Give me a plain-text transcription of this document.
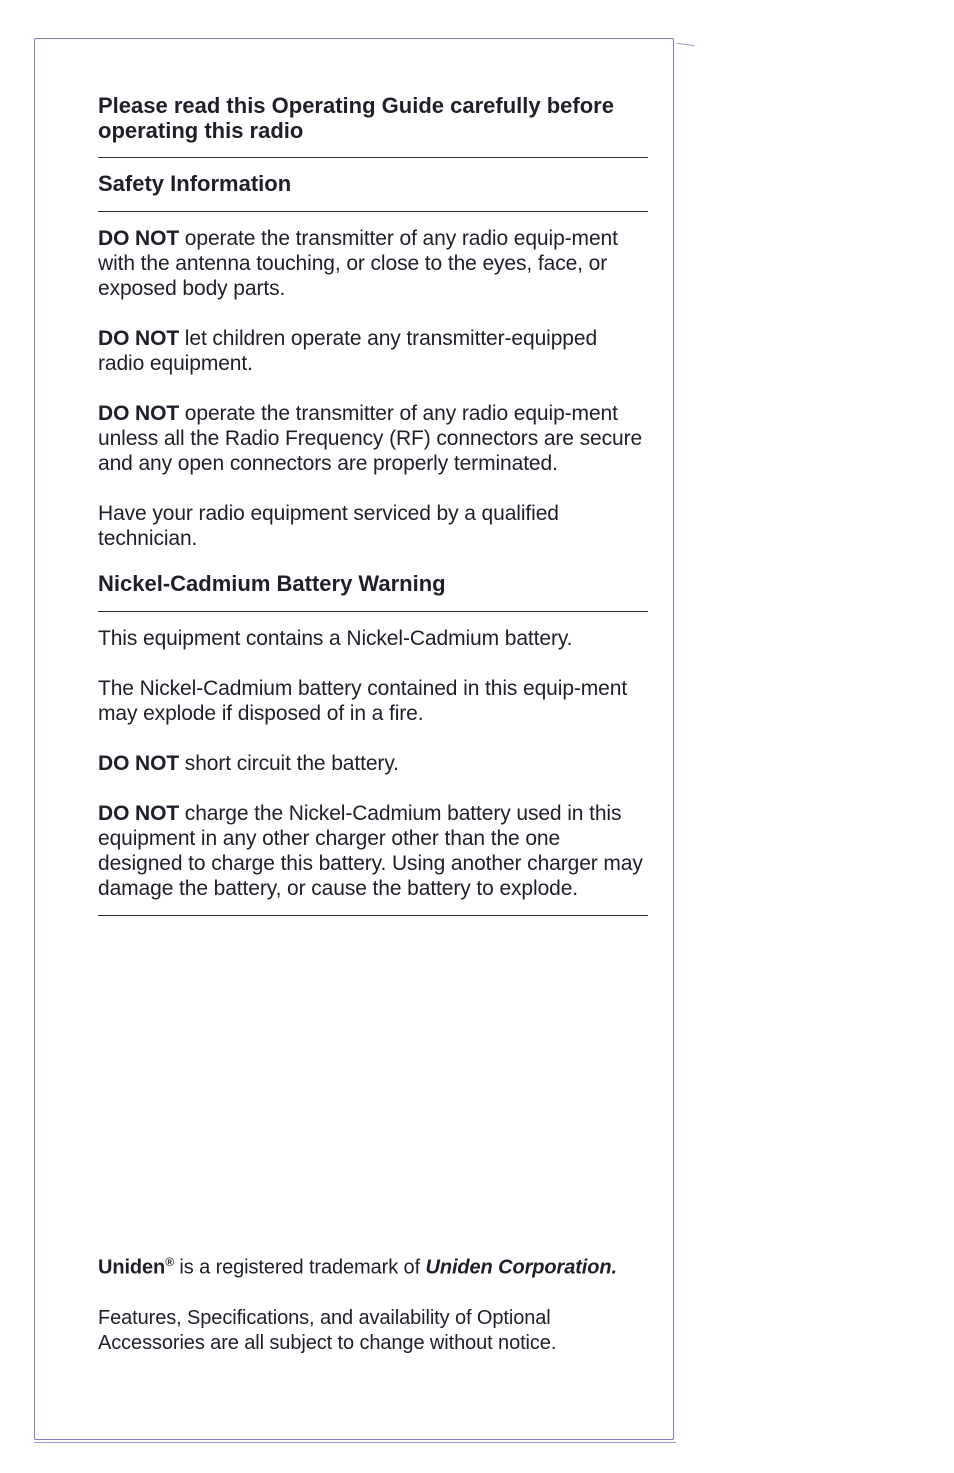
Please read this Operating Guide carefully before operating this radio

Safety Information

DO NOT operate the transmitter of any radio equip-ment with the antenna touching, or close to the eyes, face, or exposed body parts.

DO NOT let children operate any transmitter-equipped radio equipment.

DO NOT operate the transmitter of any radio equip-ment unless all the Radio Frequency (RF) connectors are secure and any open connectors are properly terminated.

Have your radio equipment serviced by a qualified technician.

Nickel-Cadmium Battery Warning

This equipment contains a Nickel-Cadmium battery.

The Nickel-Cadmium battery contained in this equip-ment may explode if disposed of in a fire.

DO NOT short circuit the battery.

DO NOT charge the Nickel-Cadmium battery used in this equipment in any other charger other than the one designed to charge this battery. Using another charger may damage the battery, or cause the battery to explode.

Uniden® is a registered trademark of Uniden Corporation.

Features, Specifications, and availability of Optional Accessories are all subject to change without notice.
